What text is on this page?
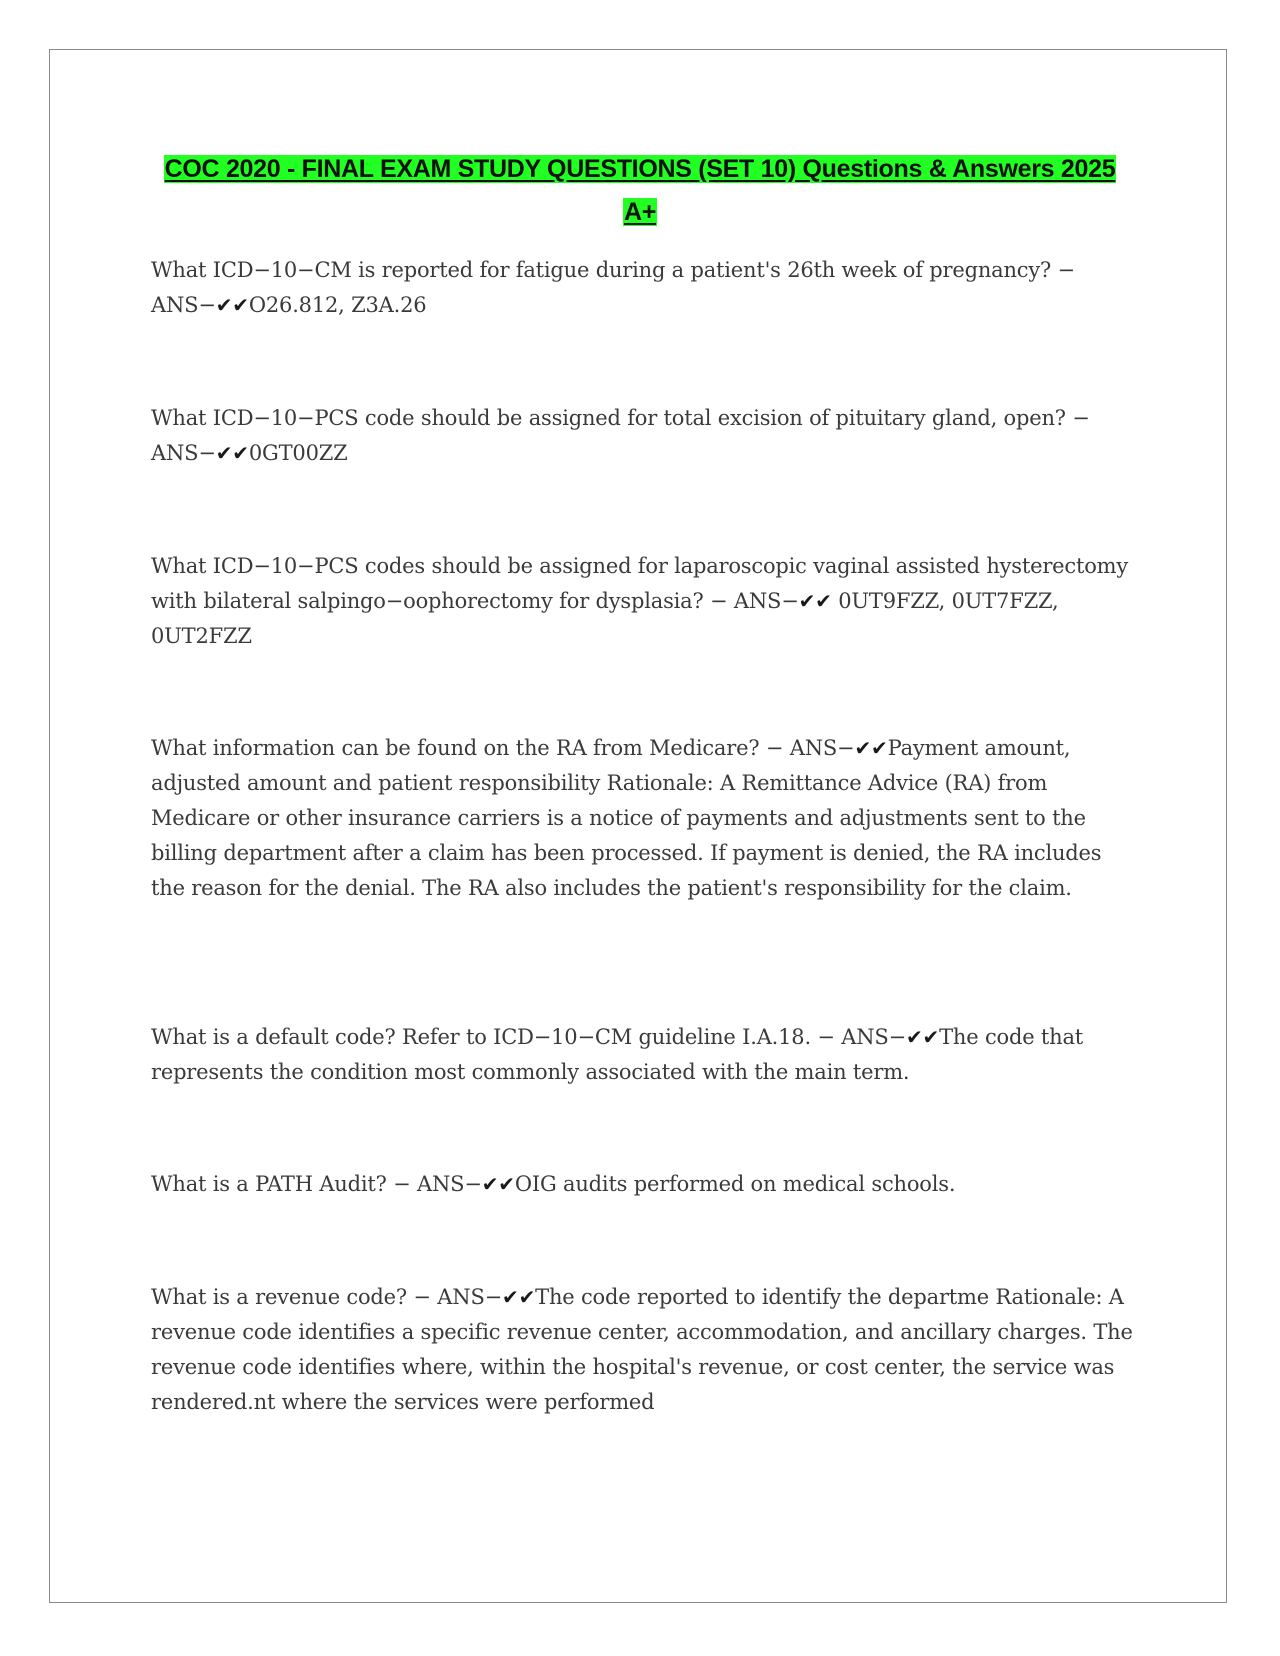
COC 2020 - FINAL EXAM STUDY QUESTIONS (SET 10) Questions & Answers 2025
A+
What ICD−10−CM is reported for fatigue during a patient's 26th week of pregnancy? − ANS−✔✔O26.812, Z3A.26
What ICD−10−PCS code should be assigned for total excision of pituitary gland, open? − ANS−✔✔0GT00ZZ
What ICD−10−PCS codes should be assigned for laparoscopic vaginal assisted hysterectomy with bilateral salpingo−oophorectomy for dysplasia? − ANS−✔✔ 0UT9FZZ, 0UT7FZZ, 0UT2FZZ
What information can be found on the RA from Medicare? − ANS−✔✔Payment amount, adjusted amount and patient responsibility Rationale: A Remittance Advice (RA) from Medicare or other insurance carriers is a notice of payments and adjustments sent to the billing department after a claim has been processed. If payment is denied, the RA includes the reason for the denial. The RA also includes the patient's responsibility for the claim.
What is a default code? Refer to ICD−10−CM guideline I.A.18. − ANS−✔✔The code that represents the condition most commonly associated with the main term.
What is a PATH Audit? − ANS−✔✔OIG audits performed on medical schools.
What is a revenue code? − ANS−✔✔The code reported to identify the departme Rationale: A revenue code identifies a specific revenue center, accommodation, and ancillary charges. The revenue code identifies where, within the hospital's revenue, or cost center, the service was rendered.nt where the services were performed
